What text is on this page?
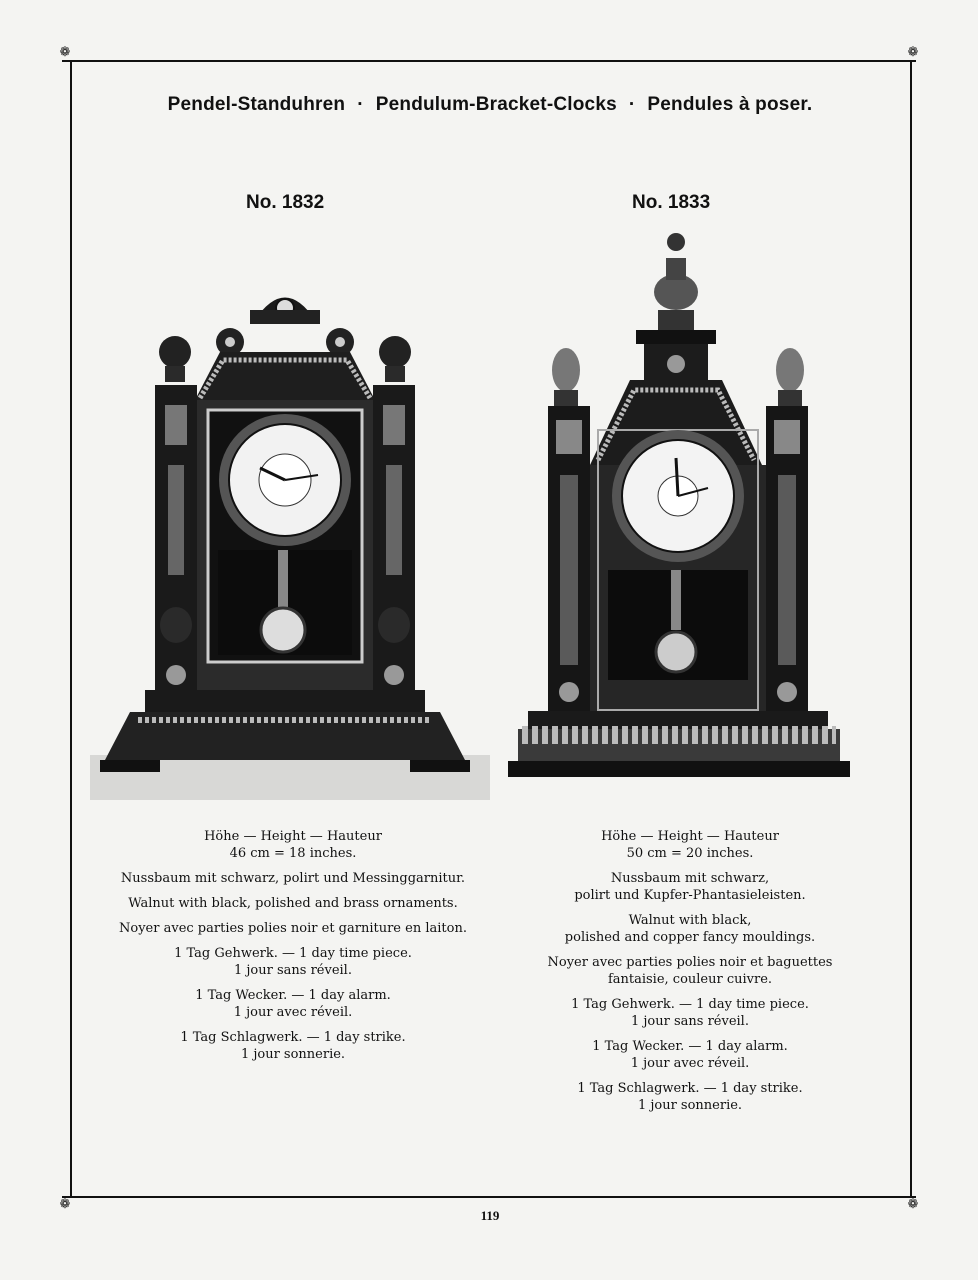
❁	❁
❁	❁
Pendel-Standuhren · Pendulum-Bracket-Clocks · Pendules à poser.
No. 1832	No. 1833

Höhe — Height — Hauteur
46 cm = 18 inches.

Nussbaum mit schwarz, polirt und Messinggarnitur.

Walnut with black, polished and brass ornaments.

Noyer avec parties polies noir et garniture en laiton.

1 Tag Gehwerk. — 1 day time piece.
1 jour sans réveil.

1 Tag Wecker. — 1 day alarm.
1 jour avec réveil.

1 Tag Schlagwerk. — 1 day strike.
1 jour sonnerie.

Höhe — Height — Hauteur
50 cm = 20 inches.

Nussbaum mit schwarz,
polirt und Kupfer-Phantasieleisten.

Walnut with black,
polished and copper fancy mouldings.

Noyer avec parties polies noir et baguettes
fantaisie, couleur cuivre.

1 Tag Gehwerk. — 1 day time piece.
1 jour sans réveil.

1 Tag Wecker. — 1 day alarm.
1 jour avec réveil.

1 Tag Schlagwerk. — 1 day strike.
1 jour sonnerie.

119
